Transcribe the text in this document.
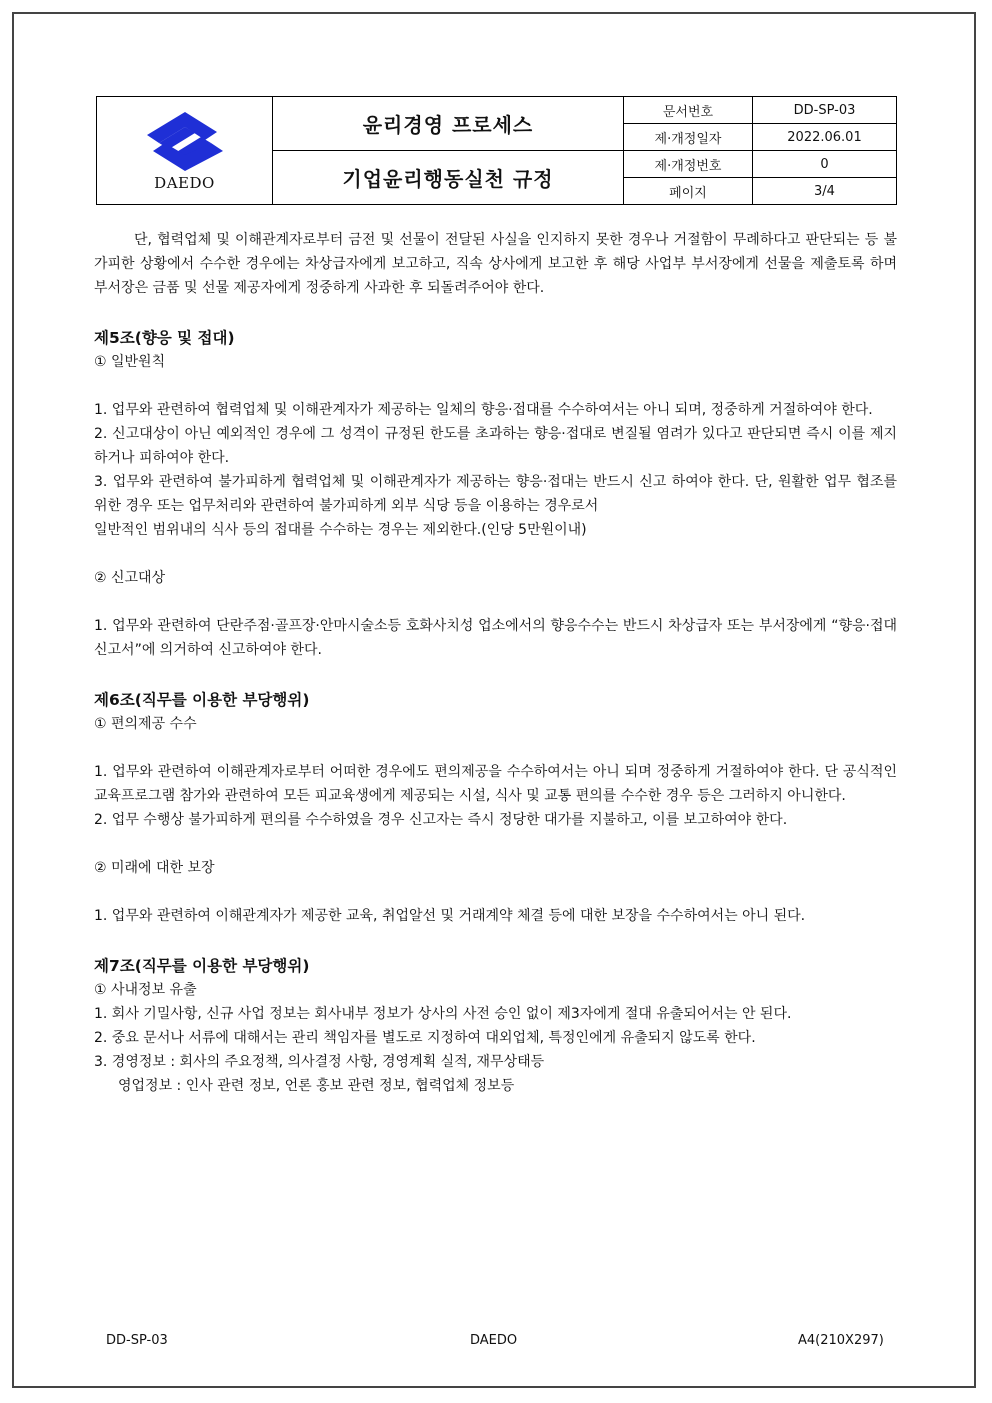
DAEDO	윤리경영 프로세스	문서번호	DD-SP-03
		제·개정일자	2022.06.01
	기업윤리행동실천 규정	제·개정번호	0
		페이지	3/4

단, 협력업체 및 이해관계자로부터 금전 및 선물이 전달된 사실을 인지하지 못한 경우나 거절함이 무례하다고 판단되는 등 불가피한 상황에서 수수한 경우에는 차상급자에게 보고하고, 직속 상사에게 보고한 후 해당 사업부 부서장에게 선물을 제출토록 하며 부서장은 금품 및 선물 제공자에게 정중하게 사과한 후 되돌려주어야 한다.

제5조(향응 및 접대)

① 일반원칙

1. 업무와 관련하여 협력업체 및 이해관계자가 제공하는 일체의 향응·접대를 수수하여서는 아니 되며, 정중하게 거절하여야 한다.

2. 신고대상이 아닌 예외적인 경우에 그 성격이 규정된 한도를 초과하는 향응·접대로 변질될 염려가 있다고 판단되면 즉시 이를 제지하거나 피하여야 한다.

3. 업무와 관련하여 불가피하게 협력업체 및 이해관계자가 제공하는 향응·접대는 반드시 신고 하여야 한다. 단, 원활한 업무 협조를 위한 경우 또는 업무처리와 관련하여 불가피하게 외부 식당 등을 이용하는 경우로서

일반적인 범위내의 식사 등의 접대를 수수하는 경우는 제외한다.(인당 5만원이내)

② 신고대상

1. 업무와 관련하여 단란주점·골프장·안마시술소등 호화사치성 업소에서의 향응수수는 반드시 차상급자 또는 부서장에게 “향응·접대 신고서”에 의거하여 신고하여야 한다.

제6조(직무를 이용한 부당행위)

① 편의제공 수수

1. 업무와 관련하여 이해관계자로부터 어떠한 경우에도 편의제공을 수수하여서는 아니 되며 정중하게 거절하여야 한다. 단 공식적인 교육프로그램 참가와 관련하여 모든 피교육생에게 제공되는 시설, 식사 및 교통 편의를 수수한 경우 등은 그러하지 아니한다.

2. 업무 수행상 불가피하게 편의를 수수하였을 경우 신고자는 즉시 정당한 대가를 지불하고, 이를 보고하여야 한다.

② 미래에 대한 보장

1. 업무와 관련하여 이해관계자가 제공한 교육, 취업알선 및 거래계약 체결 등에 대한 보장을 수수하여서는 아니 된다.

제7조(직무를 이용한 부당행위)

① 사내정보 유출

1. 회사 기밀사항, 신규 사업 정보는 회사내부 정보가 상사의 사전 승인 없이 제3자에게 절대 유출되어서는 안 된다.

2. 중요 문서나 서류에 대해서는 관리 책임자를 별도로 지정하여 대외업체, 특정인에게 유출되지 않도록 한다.

3. 경영정보 : 회사의 주요정책, 의사결정 사항, 경영계획 실적, 재무상태등

영업정보 : 인사 관련 정보, 언론 홍보 관련 정보, 협력업체 정보등

DD-SP-03	DAEDO	A4(210X297)
